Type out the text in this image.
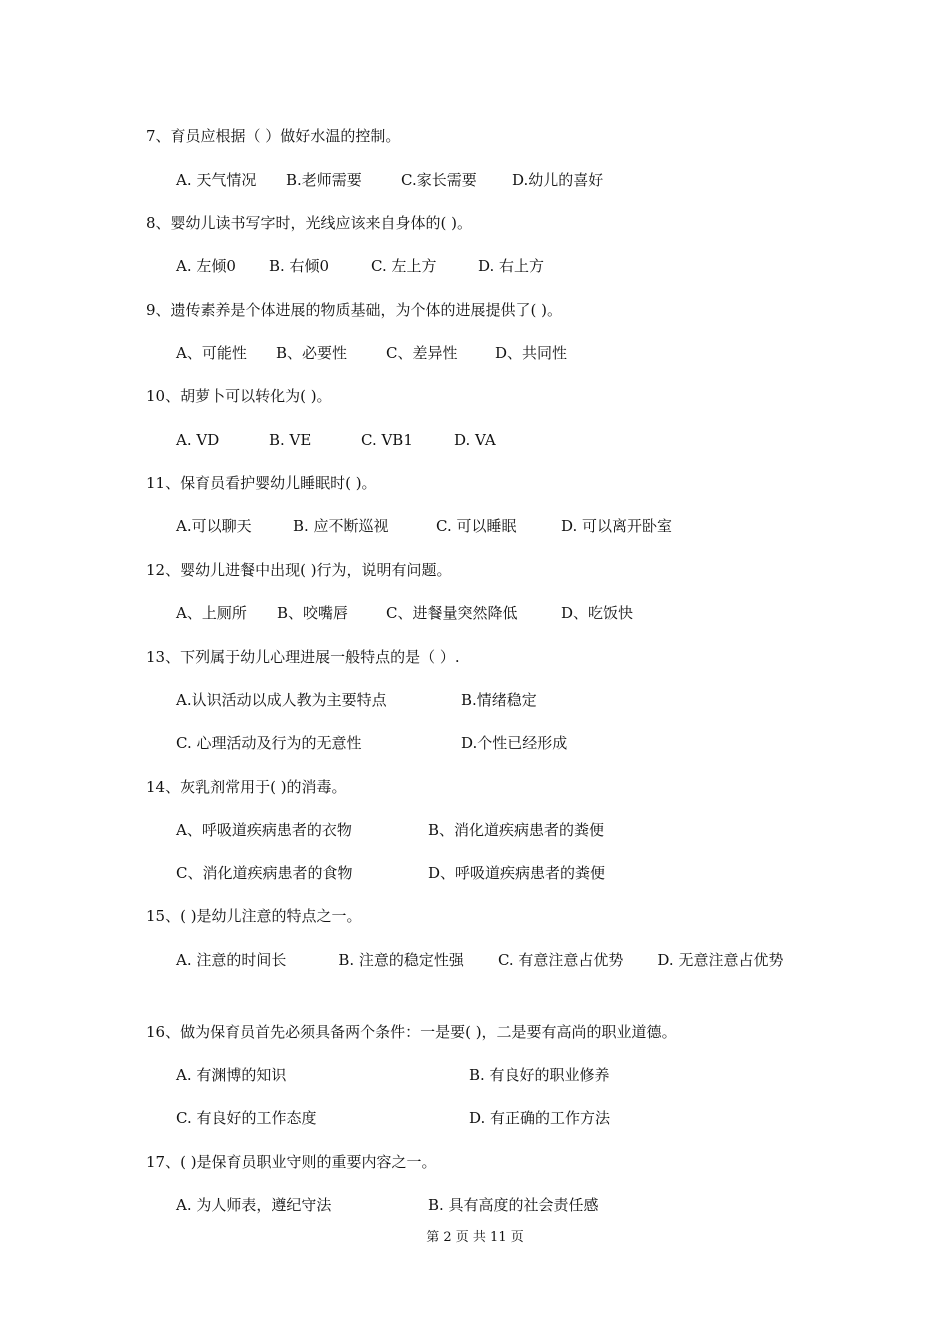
7、育员应根据（ ）做好水温的控制。

A. 天气情况 B.老师需要	C.家长需要 D.幼儿的喜好

8、婴幼儿读书写字时，光线应该来自身体的( )。

A. 左倾0 B. 右倾0	C. 左上方	D. 右上方

9、遗传素养是个体进展的物质基础，为个体的进展提供了( )。

A、可能性 B、必要性	C、差异性	D、共同性

10、胡萝卜可以转化为( )。

A. VD	B. VE	C. VB1	D. VA

11、保育员看护婴幼儿睡眠时( )。

A.可以聊天	B. 应不断巡视	C. 可以睡眠	D. 可以离开卧室

12、婴幼儿进餐中出现( )行为，说明有问题。

A、上厕所 B、咬嘴唇	C、进餐量突然降低	D、吃饭快

13、下列属于幼儿心理进展一般特点的是（ ）.

A.认识活动以成人教为主要特点	B.情绪稳定
C. 心理活动及行为的无意性	D.个性已经形成

14、灰乳剂常用于( )的消毒。

A、呼吸道疾病患者的衣物	B、消化道疾病患者的粪便
C、消化道疾病患者的食物	D、呼吸道疾病患者的粪便

15、( )是幼儿注意的特点之一。

A. 注意的时间长	B. 注意的稳定性强 C. 有意注意占优势 D. 无意注意占优势

16、做为保育员首先必须具备两个条件：一是要( )，二是要有高尚的职业道德。

A. 有渊博的知识	B. 有良好的职业修养
C. 有良好的工作态度	D. 有正确的工作方法

17、( )是保育员职业守则的重要内容之一。

A. 为人师表，遵纪守法	B. 具有高度的社会责任感
第 2 页 共 11 页
